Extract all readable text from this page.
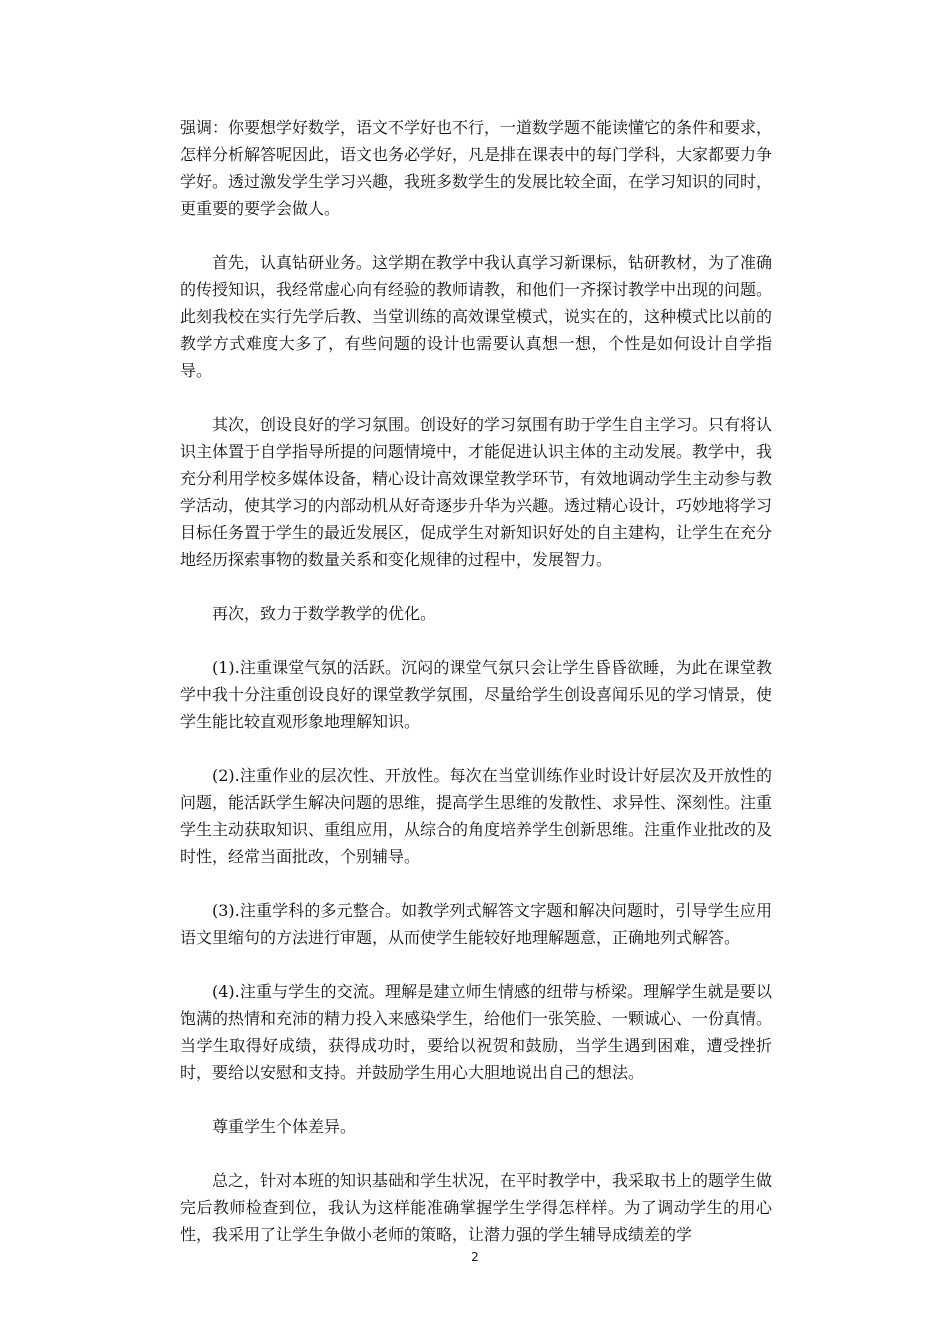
强调：你要想学好数学，语文不学好也不行，一道数学题不能读懂它的条件和要求，怎样分析解答呢因此，语文也务必学好，凡是排在课表中的每门学科，大家都要力争学好。透过激发学生学习兴趣，我班多数学生的发展比较全面，在学习知识的同时，更重要的要学会做人。

首先，认真钻研业务。这学期在教学中我认真学习新课标，钻研教材，为了准确的传授知识，我经常虚心向有经验的教师请教，和他们一齐探讨教学中出现的问题。此刻我校在实行先学后教、当堂训练的高效课堂模式，说实在的，这种模式比以前的教学方式难度大多了，有些问题的设计也需要认真想一想，个性是如何设计自学指导。

其次，创设良好的学习氛围。创设好的学习氛围有助于学生自主学习。只有将认识主体置于自学指导所提的问题情境中，才能促进认识主体的主动发展。教学中，我充分利用学校多媒体设备，精心设计高效课堂教学环节，有效地调动学生主动参与教学活动，使其学习的内部动机从好奇逐步升华为兴趣。透过精心设计，巧妙地将学习目标任务置于学生的最近发展区，促成学生对新知识好处的自主建构，让学生在充分地经历探索事物的数量关系和变化规律的过程中，发展智力。

再次，致力于数学教学的优化。

(1).注重课堂气氛的活跃。沉闷的课堂气氛只会让学生昏昏欲睡，为此在课堂教学中我十分注重创设良好的课堂教学氛围，尽量给学生创设喜闻乐见的学习情景，使学生能比较直观形象地理解知识。

(2).注重作业的层次性、开放性。每次在当堂训练作业时设计好层次及开放性的问题，能活跃学生解决问题的思维，提高学生思维的发散性、求异性、深刻性。注重学生主动获取知识、重组应用，从综合的角度培养学生创新思维。注重作业批改的及时性，经常当面批改，个别辅导。

(3).注重学科的多元整合。如教学列式解答文字题和解决问题时，引导学生应用语文里缩句的方法进行审题，从而使学生能较好地理解题意，正确地列式解答。

(4).注重与学生的交流。理解是建立师生情感的纽带与桥梁。理解学生就是要以饱满的热情和充沛的精力投入来感染学生，给他们一张笑脸、一颗诚心、一份真情。当学生取得好成绩，获得成功时，要给以祝贺和鼓励，当学生遇到困难，遭受挫折时，要给以安慰和支持。并鼓励学生用心大胆地说出自己的想法。

尊重学生个体差异。

总之，针对本班的知识基础和学生状况，在平时教学中，我采取书上的题学生做完后教师检查到位，我认为这样能准确掌握学生学得怎样样。为了调动学生的用心性，我采用了让学生争做小老师的策略，让潜力强的学生辅导成绩差的学

2
